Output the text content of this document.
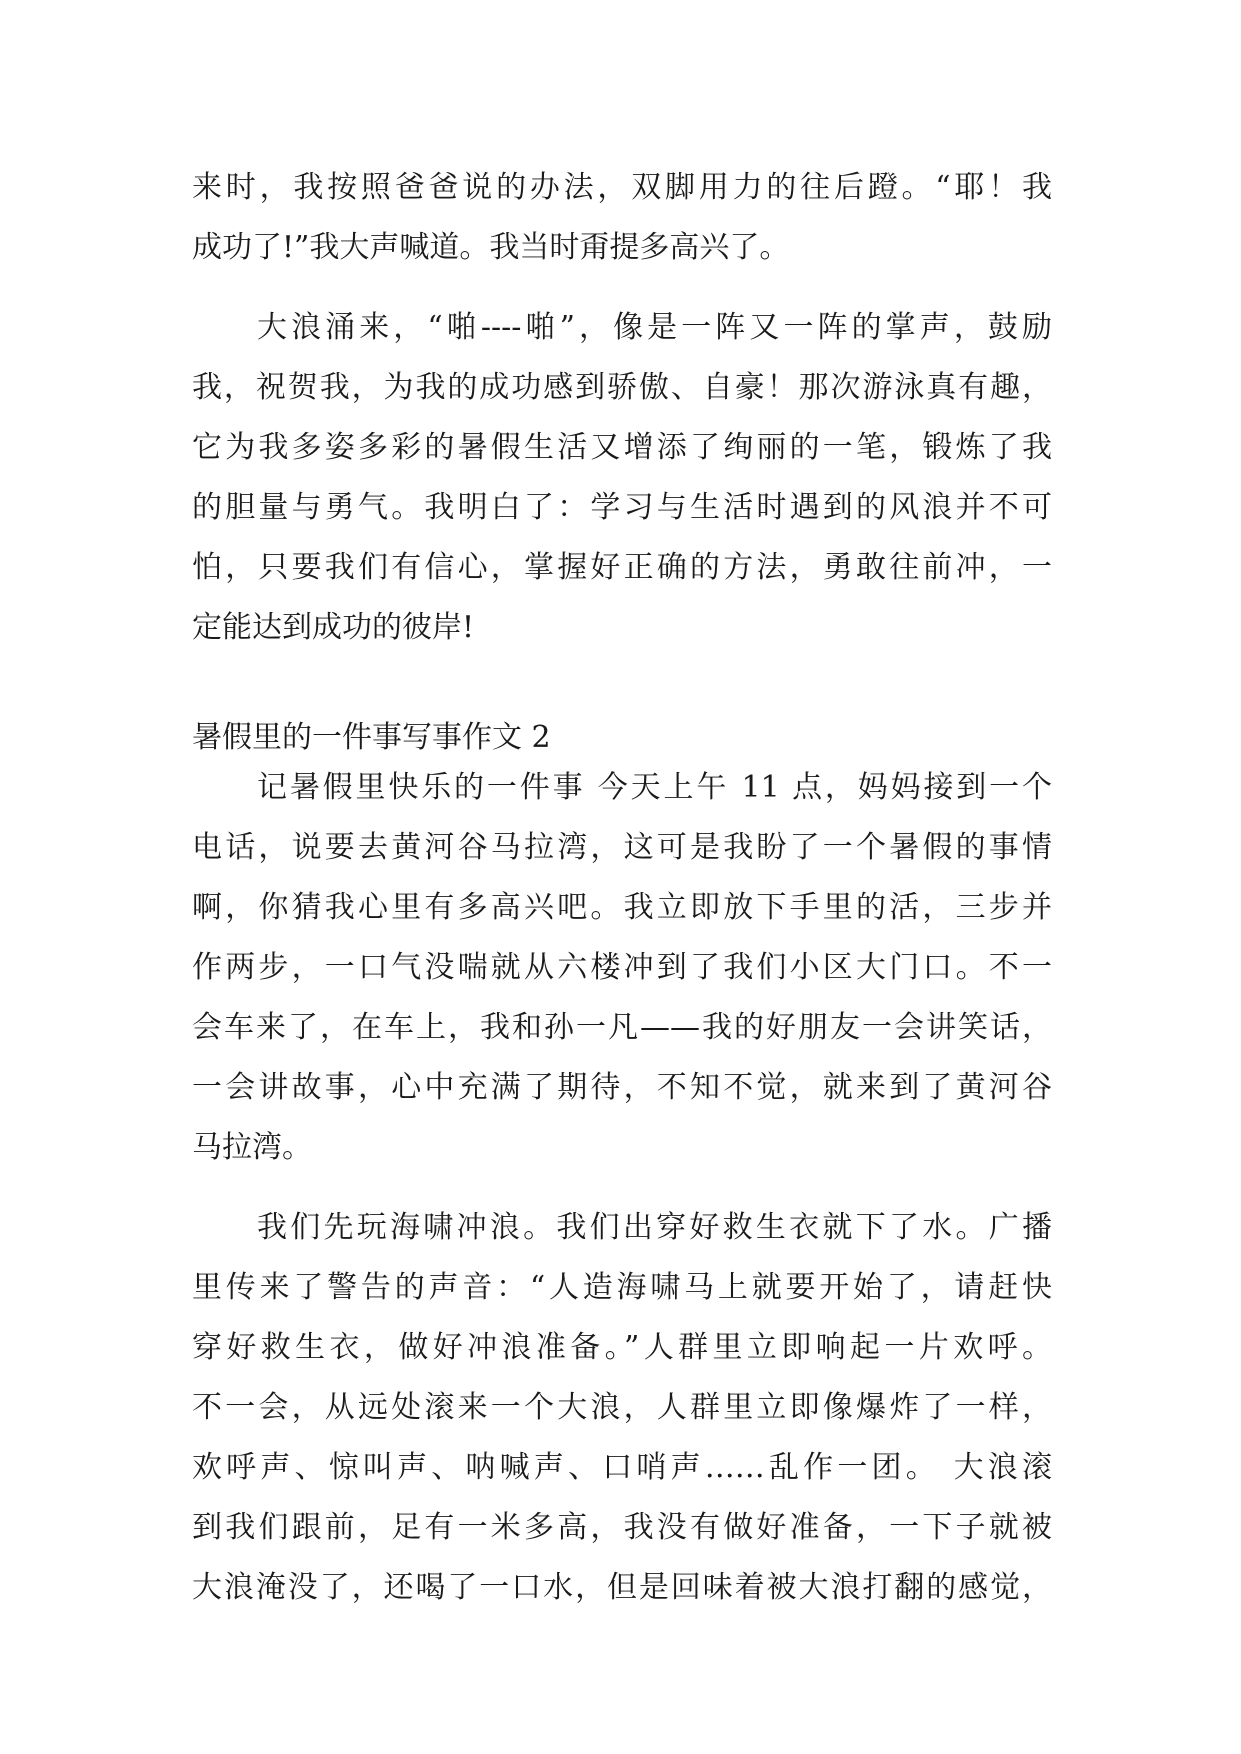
来时，我按照爸爸说的办法，双脚用力的往后蹬。“耶！我
成功了!”我大声喊道。我当时甭提多高兴了。
大浪涌来，“啪----啪”，像是一阵又一阵的掌声，鼓励
我，祝贺我，为我的成功感到骄傲、自豪！那次游泳真有趣，
它为我多姿多彩的暑假生活又增添了绚丽的一笔，锻炼了我
的胆量与勇气。我明白了：学习与生活时遇到的风浪并不可
怕，只要我们有信心，掌握好正确的方法，勇敢往前冲，一
定能达到成功的彼岸!
暑假里的一件事写事作文 2
记暑假里快乐的一件事 今天上午 11 点，妈妈接到一个
电话，说要去黄河谷马拉湾，这可是我盼了一个暑假的事情
啊，你猜我心里有多高兴吧。我立即放下手里的活，三步并
作两步，一口气没喘就从六楼冲到了我们小区大门口。不一
会车来了，在车上，我和孙一凡——我的好朋友一会讲笑话，
一会讲故事，心中充满了期待，不知不觉，就来到了黄河谷
马拉湾。
我们先玩海啸冲浪。我们出穿好救生衣就下了水。广播
里传来了警告的声音：“人造海啸马上就要开始了，请赶快
穿好救生衣，做好冲浪准备。”人群里立即响起一片欢呼。
不一会，从远处滚来一个大浪，人群里立即像爆炸了一样，
欢呼声、惊叫声、呐喊声、口哨声……乱作一团。 大浪滚
到我们跟前，足有一米多高，我没有做好准备，一下子就被
大浪淹没了，还喝了一口水，但是回味着被大浪打翻的感觉，
